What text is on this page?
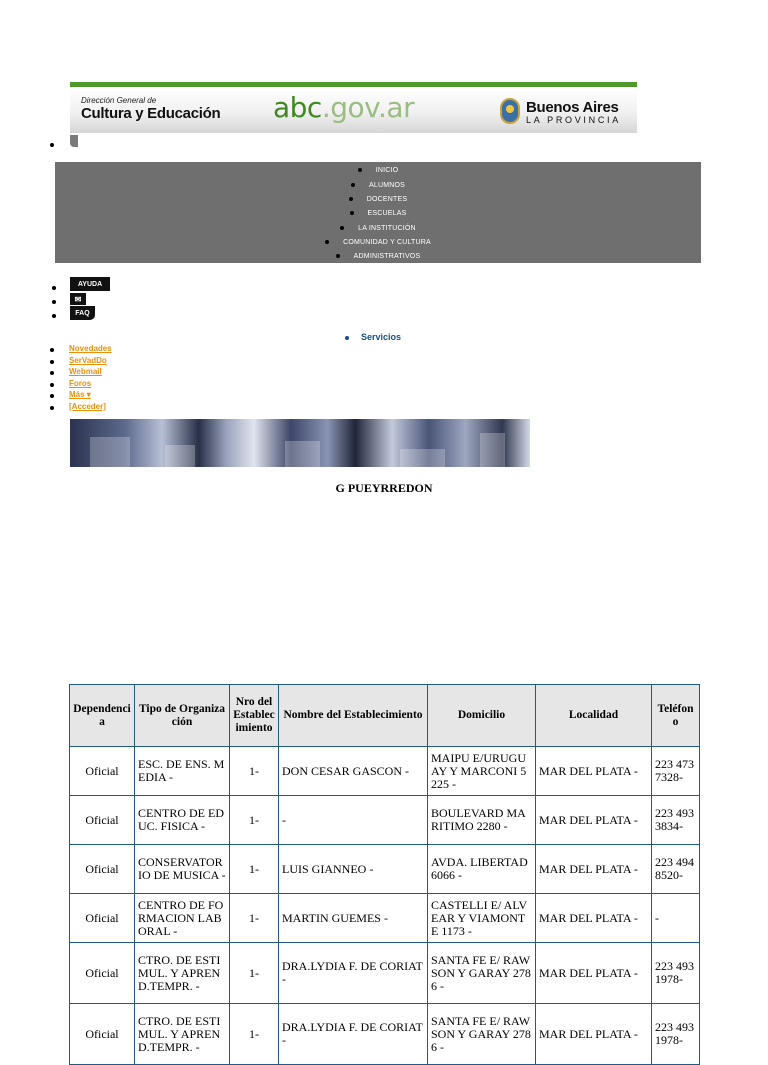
Dirección General de
Cultura y Educación abc.gov.ar	Buenos Aires
LA PROVINCIA
INICIO
ALUMNOS
DOCENTES
ESCUELAS
LA INSTITUCIÓN
COMUNIDAD Y CULTURA
ADMINISTRATIVOS
AYUDA
✉
FAQ
Servicios
Novedades
SerVadDo
Webmail
Foros
Más ▾
[Acceder]
G PUEYRREDON
Dependencia	Tipo de Organización	Nro del Establecimiento	Nombre del Establecimiento	Domicilio	Localidad	Teléfono
Oficial	ESC. DE ENS. MEDIA -	1-	DON CESAR GASCON -	MAIPU E/URUGUAY Y MARCONI 5225 -	MAR DEL PLATA -	223 4737328-
Oficial	CENTRO DE EDUC. FISICA -	1-	-	BOULEVARD MARITIMO 2280 -	MAR DEL PLATA -	223 4933834-
Oficial	CONSERVATORIO DE MUSICA -	1-	LUIS GIANNEO -	AVDA. LIBERTAD 6066 -	MAR DEL PLATA -	223 4948520-
Oficial	CENTRO DE FORMACION LABORAL -	1-	MARTIN GUEMES -	CASTELLI E/ ALVEAR Y VIAMONTE 1173 -	MAR DEL PLATA -	-
Oficial	CTRO. DE ESTIMUL. Y APREND.TEMPR. -	1-	DRA.LYDIA F. DE CORIAT -	SANTA FE E/ RAWSON Y GARAY 2786 -	MAR DEL PLATA -	223 4931978-
Oficial	CTRO. DE ESTIMUL. Y APREND.TEMPR. -	1-	DRA.LYDIA F. DE CORIAT -	SANTA FE E/ RAWSON Y GARAY 2786 -	MAR DEL PLATA -	223 4931978-
